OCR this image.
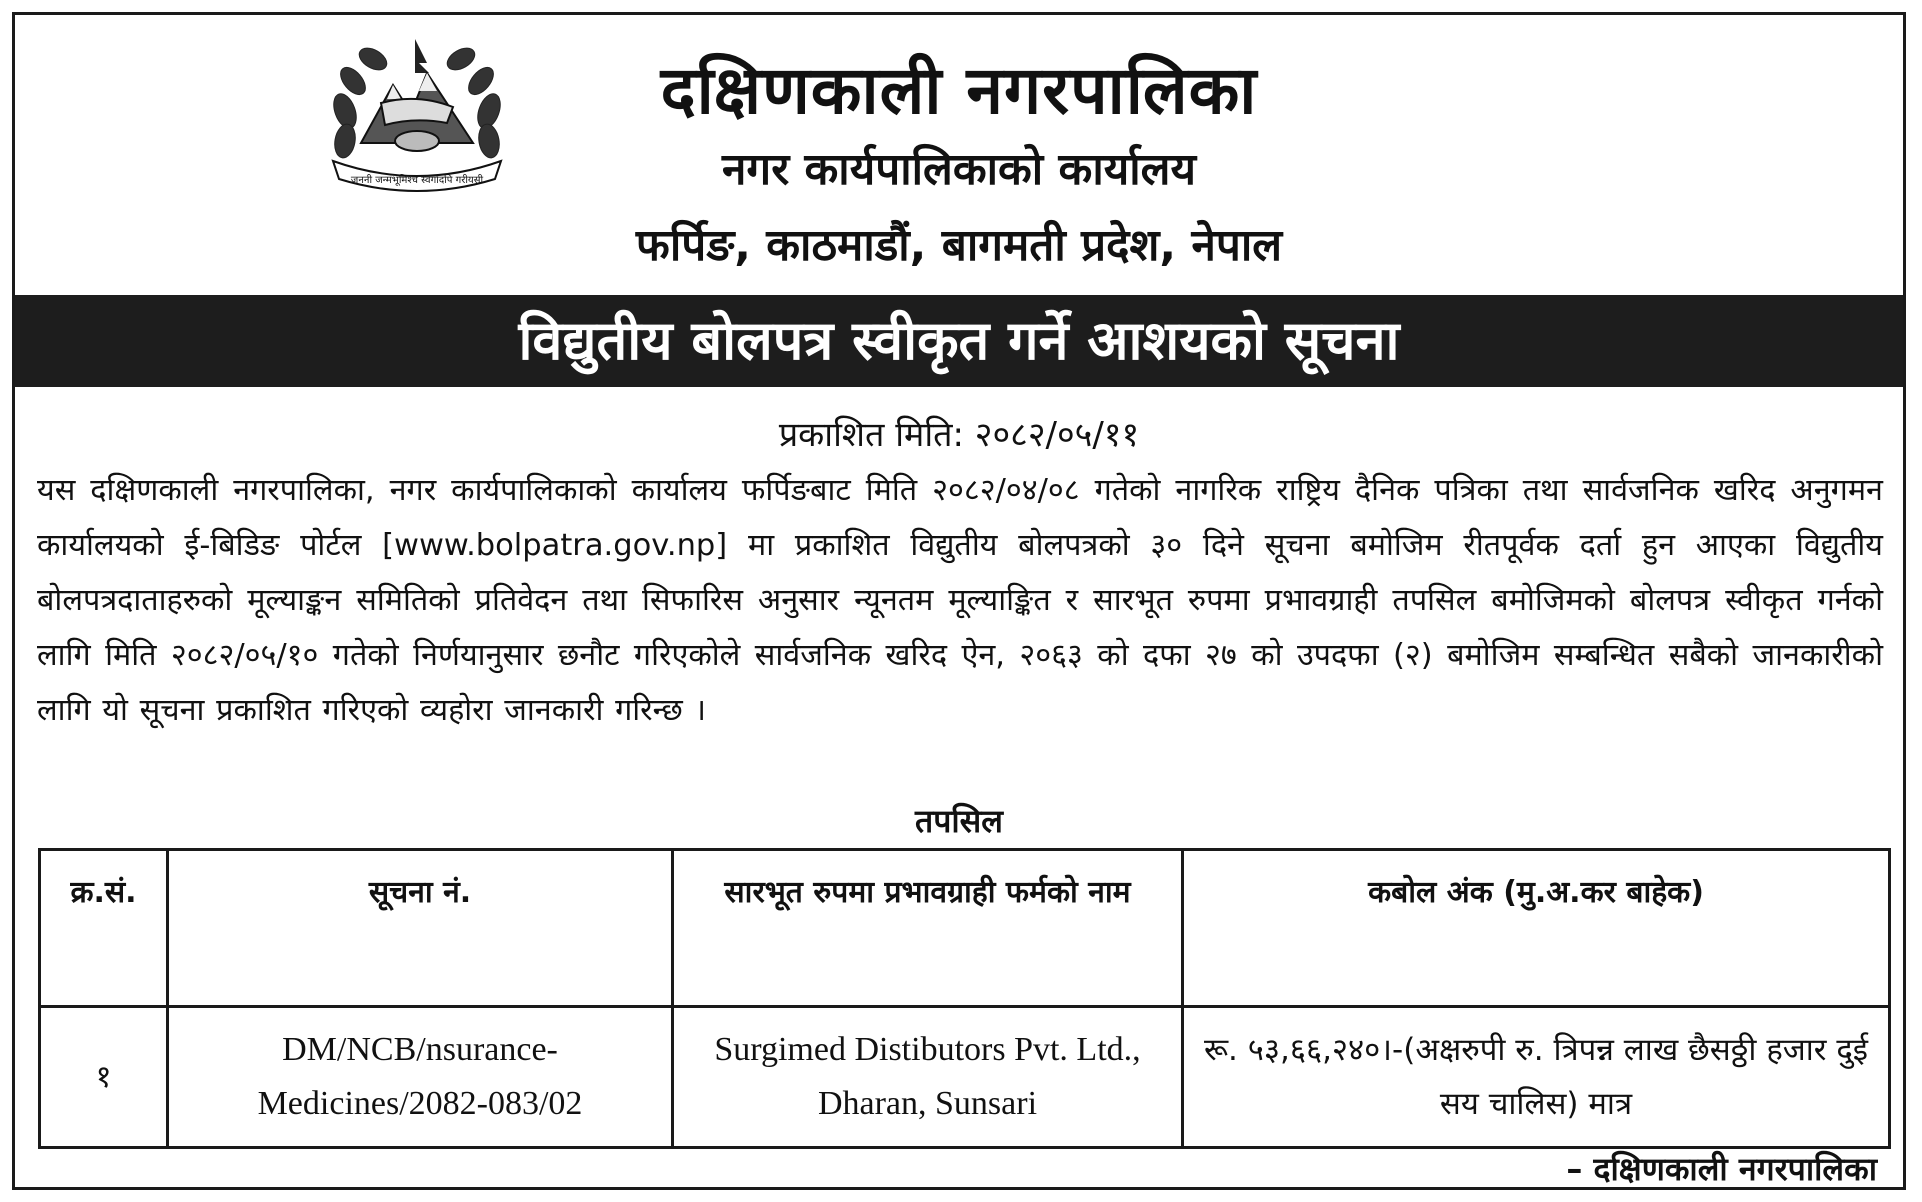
जननी जन्मभूमिश्च स्वर्गादपि गरीयसी
दक्षिणकाली नगरपालिका
नगर कार्यपालिकाको कार्यालय
फर्पिङ, काठमाडौं, बागमती प्रदेश, नेपाल
विद्युतीय बोलपत्र स्वीकृत गर्ने आशयको सूचना
प्रकाशित मिति: २०८२/०५/११
यस दक्षिणकाली नगरपालिका, नगर कार्यपालिकाको कार्यालय फर्पिङबाट मिति २०८२/०४/०८ गतेको नागरिक राष्ट्रिय दैनिक पत्रिका तथा सार्वजनिक खरिद अनुगमन कार्यालयको ई-बिडिङ पोर्टल [www.bolpatra.gov.np] मा प्रकाशित विद्युतीय बोलपत्रको ३० दिने सूचना बमोजिम रीतपूर्वक दर्ता हुन आएका विद्युतीय बोलपत्रदाताहरुको मूल्याङ्कन समितिको प्रतिवेदन तथा सिफारिस अनुसार न्यूनतम मूल्याङ्कित र सारभूत रुपमा प्रभावग्राही तपसिल बमोजिमको बोलपत्र स्वीकृत गर्नको लागि मिति २०८२/०५/१० गतेको निर्णयानुसार छनौट गरिएकोले सार्वजनिक खरिद ऐन, २०६३ को दफा २७ को उपदफा (२) बमोजिम सम्बन्धित सबैको जानकारीको लागि यो सूचना प्रकाशित गरिएको व्यहोरा जानकारी गरिन्छ ।
तपसिल
क्र.सं.	सूचना नं.	सारभूत रुपमा प्रभावग्राही फर्मको नाम	कबोल अंक (मु.अ.कर बाहेक)
१	DM/NCB/nsurance-Medicines/2082-083/02	Surgimed Distibutors Pvt. Ltd., Dharan, Sunsari	रू. ५३,६६,२४०।-(अक्षरुपी रु. त्रिपन्न लाख छैसठ्ठी हजार दुई सय चालिस) मात्र
– दक्षिणकाली नगरपालिका
